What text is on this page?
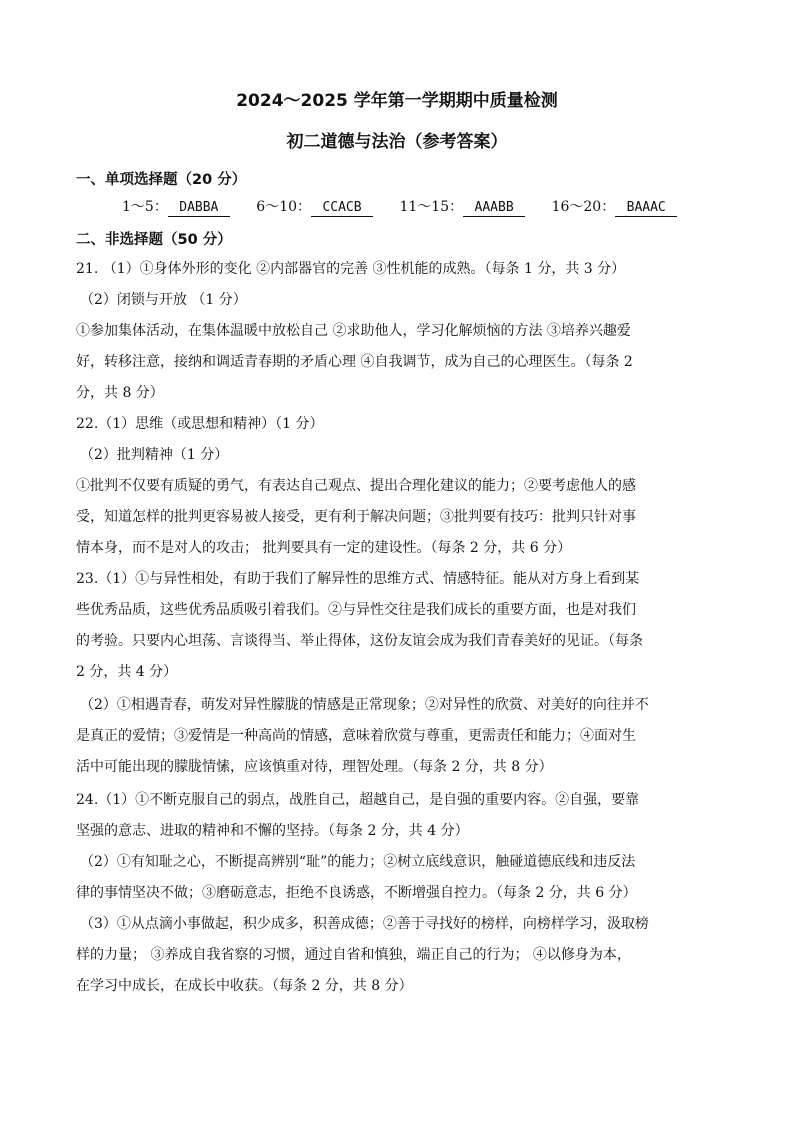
2024～2025 学年第一学期期中质量检测
初二道德与法治（参考答案）
一、单项选择题（20 分）
1～5： DABBA	6～10： CCACB	11～15： AAABB	16～20： BAAAC
二、非选择题（50 分）
21. （1）①身体外形的变化 ②内部器官的完善 ③性机能的成熟。（每条 1 分，共 3 分）
（2）闭锁与开放 （1 分）
①参加集体活动，在集体温暖中放松自己 ②求助他人，学习化解烦恼的方法 ③培养兴趣爱
好，转移注意，接纳和调适青春期的矛盾心理 ④自我调节，成为自己的心理医生。（每条 2
分，共 8 分）
22.（1）思维（或思想和精神）（1 分）
（2）批判精神（1 分）
①批判不仅要有质疑的勇气，有表达自己观点、提出合理化建议的能力；②要考虑他人的感
受，知道怎样的批判更容易被人接受，更有利于解决问题；③批判要有技巧：批判只针对事
情本身，而不是对人的攻击； 批判要具有一定的建设性。（每条 2 分，共 6 分）
23.（1）①与异性相处，有助于我们了解异性的思维方式、情感特征。能从对方身上看到某
些优秀品质，这些优秀品质吸引着我们。②与异性交往是我们成长的重要方面，也是对我们
的考验。只要内心坦荡、言谈得当、举止得体，这份友谊会成为我们青春美好的见证。（每条
2 分，共 4 分）
（2）①相遇青春，萌发对异性朦胧的情感是正常现象；②对异性的欣赏、对美好的向往并不
是真正的爱情；③爱情是一种高尚的情感，意味着欣赏与尊重，更需责任和能力；④面对生
活中可能出现的朦胧情愫，应该慎重对待，理智处理。（每条 2 分，共 8 分）
24.（1）①不断克服自己的弱点，战胜自己，超越自己，是自强的重要内容。②自强，要靠
坚强的意志、进取的精神和不懈的坚持。（每条 2 分，共 4 分）
（2）①有知耻之心，不断提高辨别“耻”的能力；②树立底线意识，触碰道德底线和违反法
律的事情坚决不做；③磨砺意志，拒绝不良诱惑，不断增强自控力。（每条 2 分，共 6 分）
（3）①从点滴小事做起，积少成多，积善成德；②善于寻找好的榜样，向榜样学习，汲取榜
样的力量； ③养成自我省察的习惯，通过自省和慎独，端正自己的行为； ④以修身为本，
在学习中成长，在成长中收获。（每条 2 分，共 8 分）
